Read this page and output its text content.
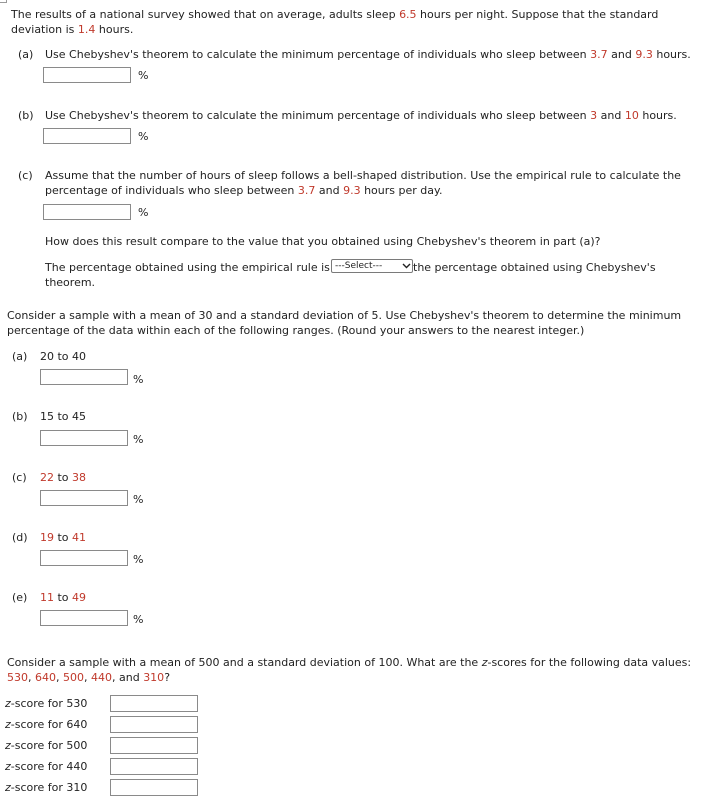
The results of a national survey showed that on average, adults sleep 6.5 hours per night. Suppose that the standard
deviation is 1.4 hours.
(a) Use Chebyshev's theorem to calculate the minimum percentage of individuals who sleep between 3.7 and 9.3 hours.
%
(b) Use Chebyshev's theorem to calculate the minimum percentage of individuals who sleep between 3 and 10 hours.
%
(c) Assume that the number of hours of sleep follows a bell-shaped distribution. Use the empirical rule to calculate the
percentage of individuals who sleep between 3.7 and 9.3 hours per day.
%
How does this result compare to the value that you obtained using Chebyshev's theorem in part (a)?
The percentage obtained using the empirical rule is ---Select---	the percentage obtained using Chebyshev's
theorem.
Consider a sample with a mean of 30 and a standard deviation of 5. Use Chebyshev's theorem to determine the minimum
percentage of the data within each of the following ranges. (Round your answers to the nearest integer.)
(a) 20 to 40
%
(b) 15 to 45
%
(c) 22 to 38
%
(d) 19 to 41
%
(e) 11 to 49
%
Consider a sample with a mean of 500 and a standard deviation of 100. What are the z-scores for the following data values:
530, 640, 500, 440, and 310?
z-score for 530
z-score for 640
z-score for 500
z-score for 440
z-score for 310
